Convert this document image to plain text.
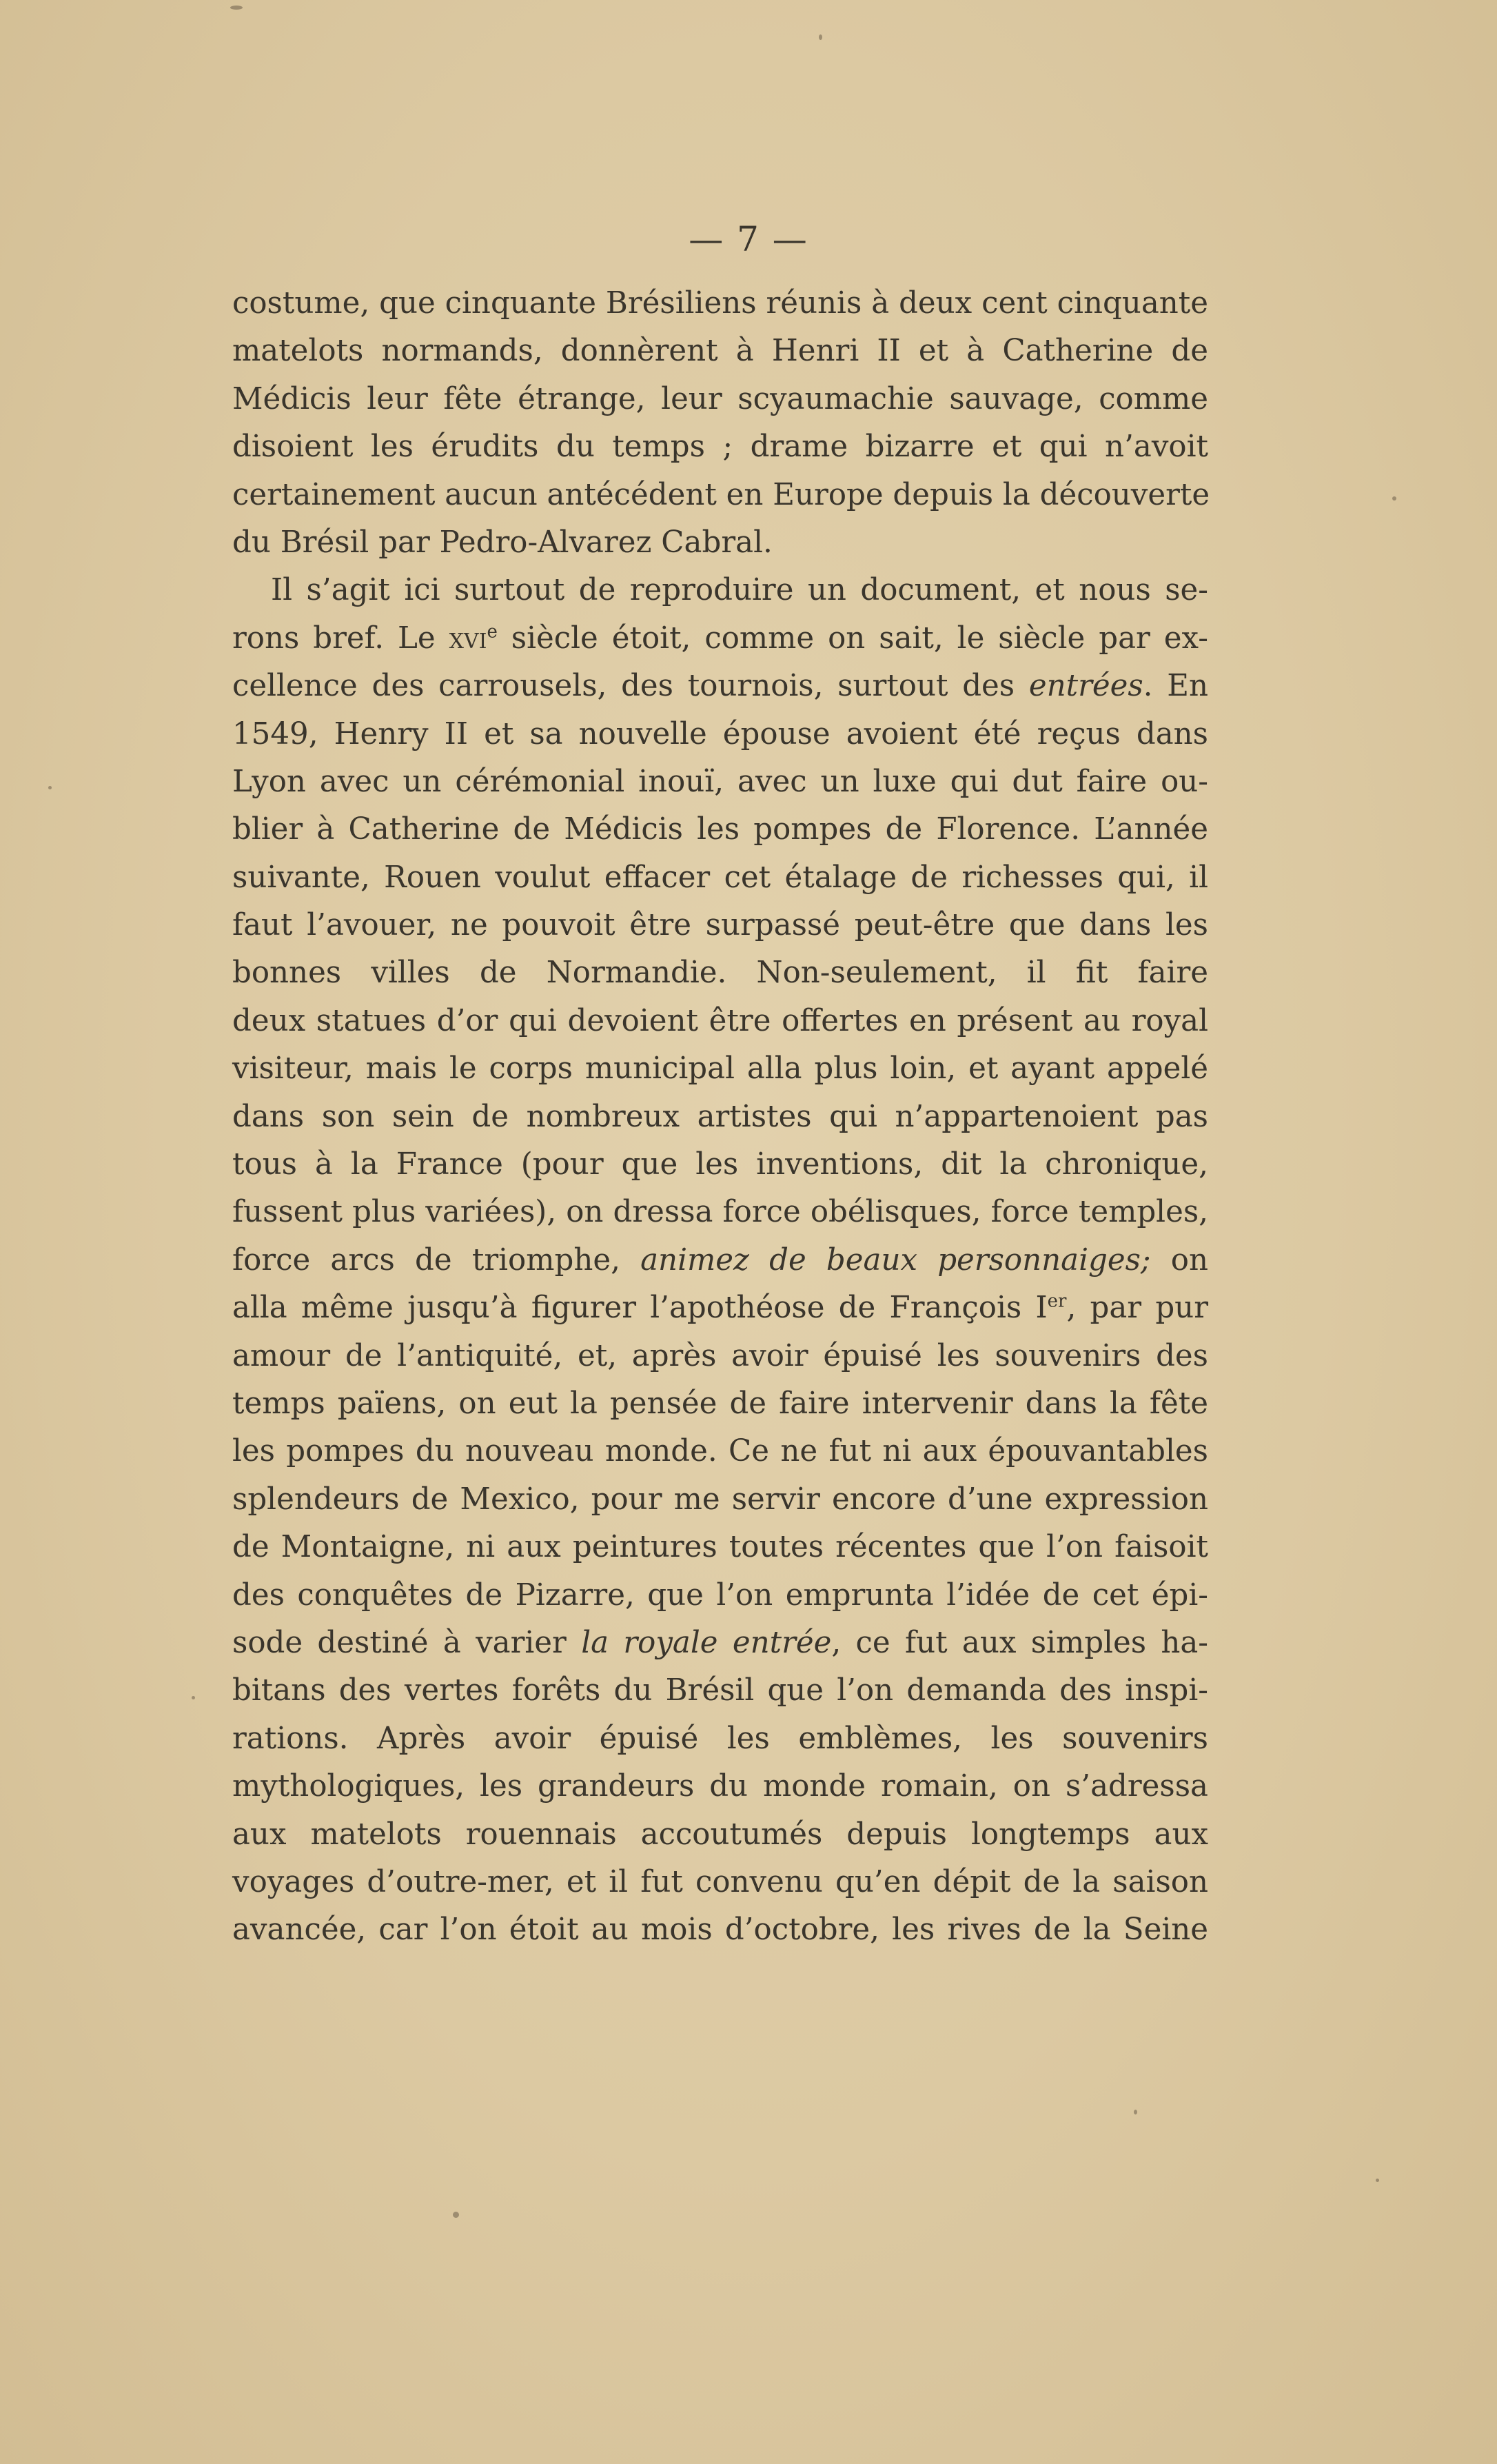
— 7 —
costume, que cinquante Brésiliens réunis à deux cent cinquante
matelots normands, donnèrent à Henri II et à Catherine de
Médicis leur fête étrange, leur scyaumachie sauvage, comme
disoient les érudits du temps ; drame bizarre et qui n’avoit
certainement aucun antécédent en Europe depuis la découverte
du Brésil par Pedro-Alvarez Cabral.
Il s’agit ici surtout de reproduire un document, et nous se-
rons bref. Le xvi$^e$ siècle étoit, comme on sait, le siècle par ex-
cellence des carrousels, des tournois, surtout des entrées. En
1549, Henry II et sa nouvelle épouse avoient été reçus dans
Lyon avec un cérémonial inouï, avec un luxe qui dut faire ou-
blier à Catherine de Médicis les pompes de Florence. L’année
suivante, Rouen voulut effacer cet étalage de richesses qui, il
faut l’avouer, ne pouvoit être surpassé peut-être que dans les
bonnes villes de Normandie. Non-seulement, il fit faire
deux statues d’or qui devoient être offertes en présent au royal
visiteur, mais le corps municipal alla plus loin, et ayant appelé
dans son sein de nombreux artistes qui n’appartenoient pas
tous à la France (pour que les inventions, dit la chronique,
fussent plus variées), on dressa force obélisques, force temples,
force arcs de triomphe, animez de beaux personnaiges; on
alla même jusqu’à figurer l’apothéose de François Ier, par pur
amour de l’antiquité, et, après avoir épuisé les souvenirs des
temps païens, on eut la pensée de faire intervenir dans la fête
les pompes du nouveau monde. Ce ne fut ni aux épouvantables
splendeurs de Mexico, pour me servir encore d’une expression
de Montaigne, ni aux peintures toutes récentes que l’on faisoit
des conquêtes de Pizarre, que l’on emprunta l’idée de cet épi-
sode destiné à varier la royale entrée, ce fut aux simples ha-
bitans des vertes forêts du Brésil que l’on demanda des inspi-
rations. Après avoir épuisé les emblèmes, les souvenirs
mythologiques, les grandeurs du monde romain, on s’adressa
aux matelots rouennais accoutumés depuis longtemps aux
voyages d’outre-mer, et il fut convenu qu’en dépit de la saison
avancée, car l’on étoit au mois d’octobre, les rives de la Seine
